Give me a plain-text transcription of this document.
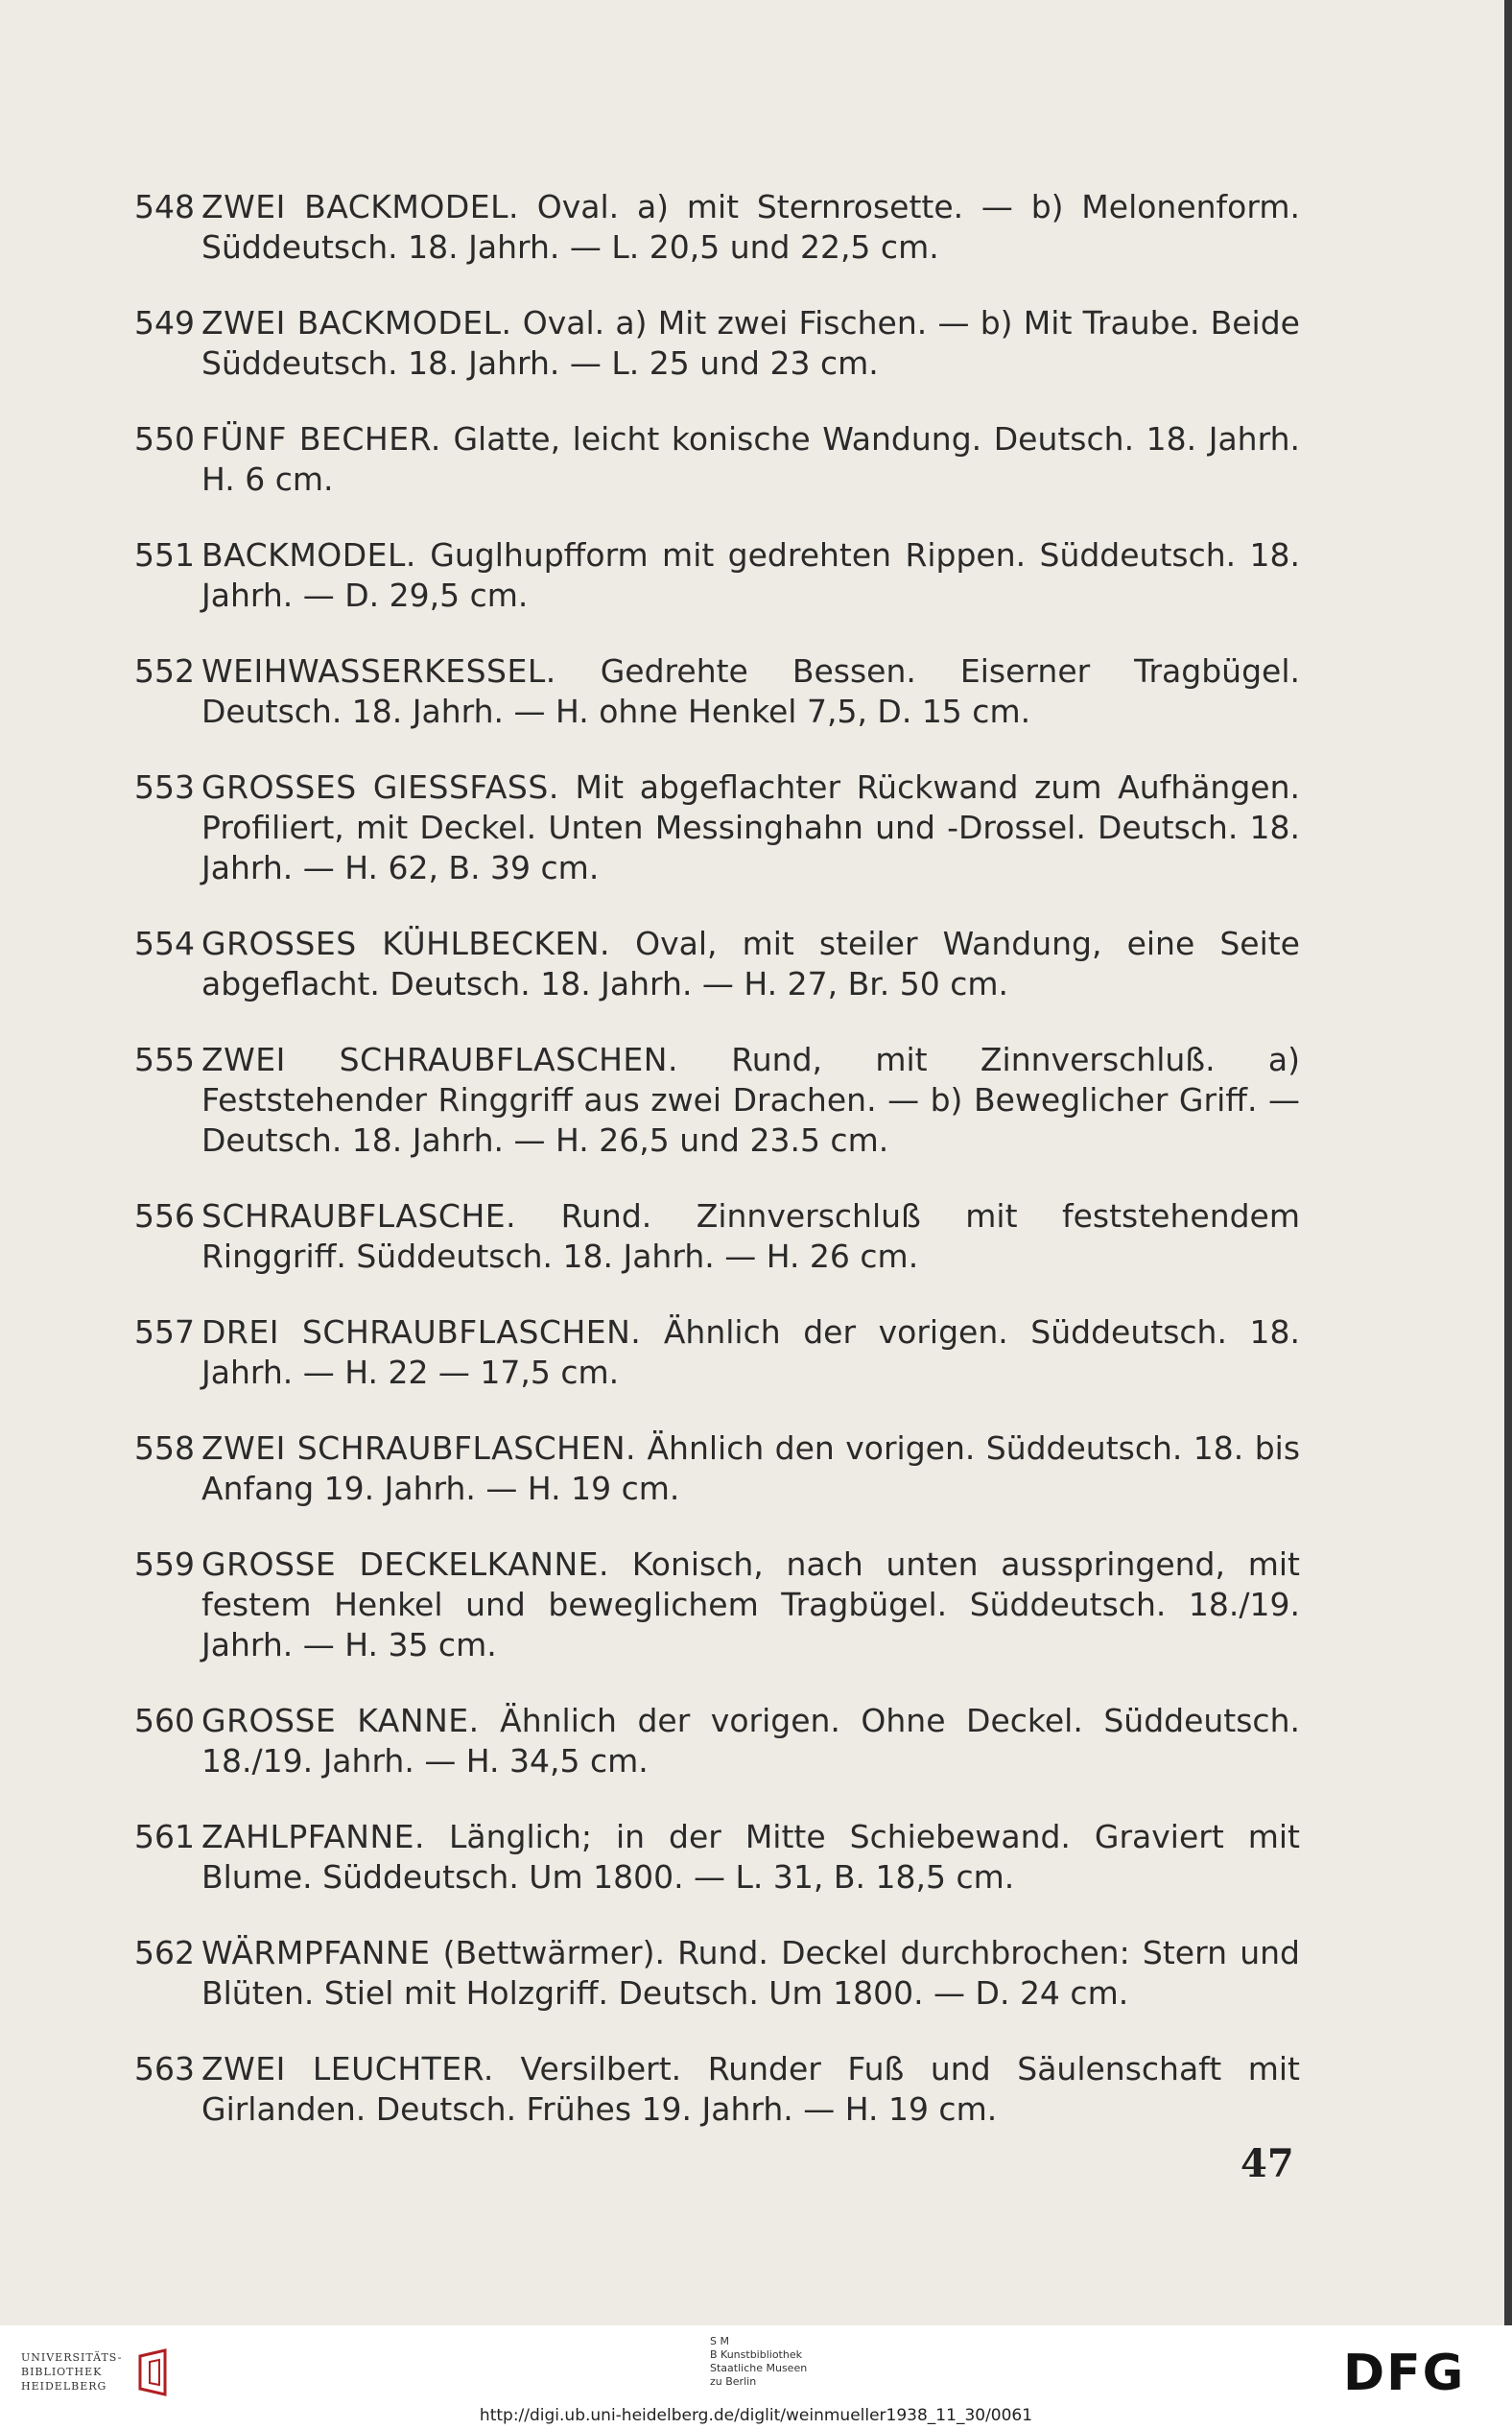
548 ZWEI BACKMODEL. Oval. a) mit Sternrosette. — b) Melonenform. Süddeutsch. 18. Jahrh. — L. 20,5 und 22,5 cm.
549 ZWEI BACKMODEL. Oval. a) Mit zwei Fischen. — b) Mit Traube. Beide Süddeutsch. 18. Jahrh. — L. 25 und 23 cm.
550 FÜNF BECHER. Glatte, leicht konische Wandung. Deutsch. 18. Jahrh. H. 6 cm.
551 BACKMODEL. Guglhupfform mit gedrehten Rippen. Süddeutsch. 18. Jahrh. — D. 29,5 cm.
552 WEIHWASSERKESSEL. Gedrehte Bessen. Eiserner Tragbügel. Deutsch. 18. Jahrh. — H. ohne Henkel 7,5, D. 15 cm.
553 GROSSES GIESSFASS. Mit abgeflachter Rückwand zum Aufhängen. Profiliert, mit Deckel. Unten Messinghahn und -Drossel. Deutsch. 18. Jahrh. — H. 62, B. 39 cm.
554 GROSSES KÜHLBECKEN. Oval, mit steiler Wandung, eine Seite abgeflacht. Deutsch. 18. Jahrh. — H. 27, Br. 50 cm.
555 ZWEI SCHRAUBFLASCHEN. Rund, mit Zinnverschluß. a) Feststehender Ringgriff aus zwei Drachen. — b) Beweglicher Griff. — Deutsch. 18. Jahrh. — H. 26,5 und 23.5 cm.
556 SCHRAUBFLASCHE. Rund. Zinnverschluß mit feststehendem Ringgriff. Süddeutsch. 18. Jahrh. — H. 26 cm.
557 DREI SCHRAUBFLASCHEN. Ähnlich der vorigen. Süddeutsch. 18. Jahrh. — H. 22 — 17,5 cm.
558 ZWEI SCHRAUBFLASCHEN. Ähnlich den vorigen. Süddeutsch. 18. bis Anfang 19. Jahrh. — H. 19 cm.
559 GROSSE DECKELKANNE. Konisch, nach unten ausspringend, mit festem Henkel und beweglichem Tragbügel. Süddeutsch. 18./19. Jahrh. — H. 35 cm.
560 GROSSE KANNE. Ähnlich der vorigen. Ohne Deckel. Süddeutsch. 18./19. Jahrh. — H. 34,5 cm.
561 ZAHLPFANNE. Länglich; in der Mitte Schiebewand. Graviert mit Blume. Süddeutsch. Um 1800. — L. 31, B. 18,5 cm.
562 WÄRMPFANNE (Bettwärmer). Rund. Deckel durchbrochen: Stern und Blüten. Stiel mit Holzgriff. Deutsch. Um 1800. — D. 24 cm.
563 ZWEI LEUCHTER. Versilbert. Runder Fuß und Säulenschaft mit Girlanden. Deutsch. Frühes 19. Jahrh. — H. 19 cm.
47
UNIVERSITÄTS-
BIBLIOTHEK
HEIDELBERG
S M
B Kunstbibliothek
Staatliche Museen
zu Berlin	DFG
http://digi.ub.uni-heidelberg.de/diglit/weinmueller1938_11_30/0061
